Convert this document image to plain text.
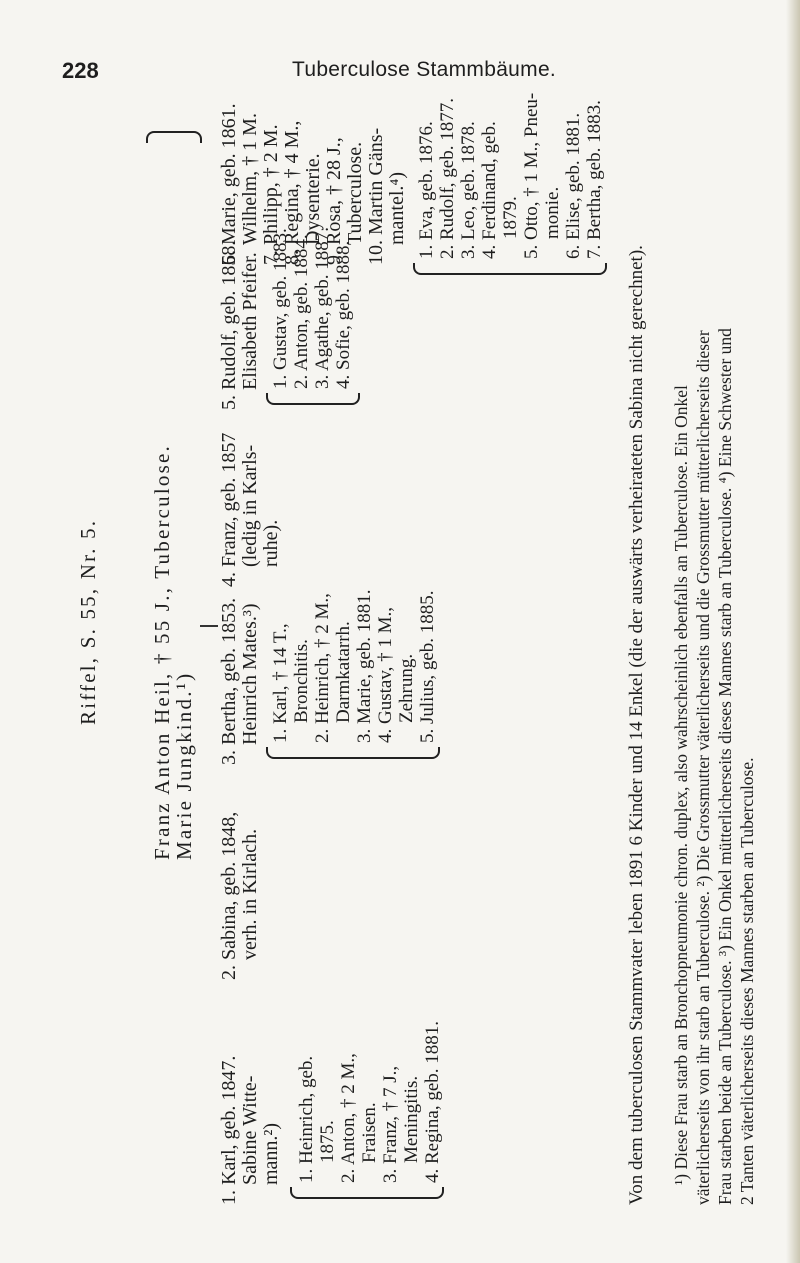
228	Tuberculose Stammbäume.
Riffel, S. 55, Nr. 5. Franz Anton Heil, † 55 J., Tuberculose.
Marie Jungkind.¹)
1. Karl, geb. 1847. Sabine Witte- mann.²)
2. Sabina, geb. 1848, verh. in Kirlach.
3. Bertha, geb. 1853. Heinrich Mates.³)
4. Franz, geb. 1857 (ledig in Karls- ruhe).
5. Rudolf, geb. 1858. Elisabeth Pfeifer.
6. Marie, geb. 1861. Wilhelm, † 1 M. 7. Philipp, † 2 M. 8. Regina, † 4 M., Dysenterie. 9. Rosa, † 28 J., Tuberculose. 10. Martin Gäns- mantel.⁴)
1. Heinrich, geb. 1875. 2. Anton, † 2 M., Fraisen. 3. Franz, † 7 J., Meningitis. 4. Regina, geb. 1881.
1. Karl, † 14 T., Bronchitis. 2. Heinrich, † 2 M., Darmkatarrh. 3. Marie, geb. 1881. 4. Gustav, † 1 M., Zehrung. 5. Julius, geb. 1885.
1. Gustav, geb. 1883. 2. Anton, geb. 1884. 3. Agathe, geb. 1887. 4. Sofie, geb. 1888.
1. Eva, geb. 1876. 2. Rudolf, geb. 1877. 3. Leo, geb. 1878. 4. Ferdinand, geb. 1879. 5. Otto, † 1 M., Pneu- monie. 6. Elise, geb. 1881. 7. Bertha, geb. 1883.
Von dem tuberculosen Stammvater leben 1891 6 Kinder und 14 Enkel (die der auswärts verheirateten Sabina nicht gerechnet). ¹) Diese Frau starb an Bronchopneumonie chron. duplex, also wahrscheinlich ebenfalls an Tuberculose. Ein Onkel väterlicherseits von ihr starb an Tuberculose. ²) Die Grossmutter väterlicherseits und die Grossmutter mütterlicherseits dieser Frau starben beide an Tuberculose. ³) Ein Onkel mütterlicherseits dieses Mannes starb an Tuberculose. ⁴) Eine Schwester und 2 Tanten väterlicherseits dieses Mannes starben an Tuberculose.
